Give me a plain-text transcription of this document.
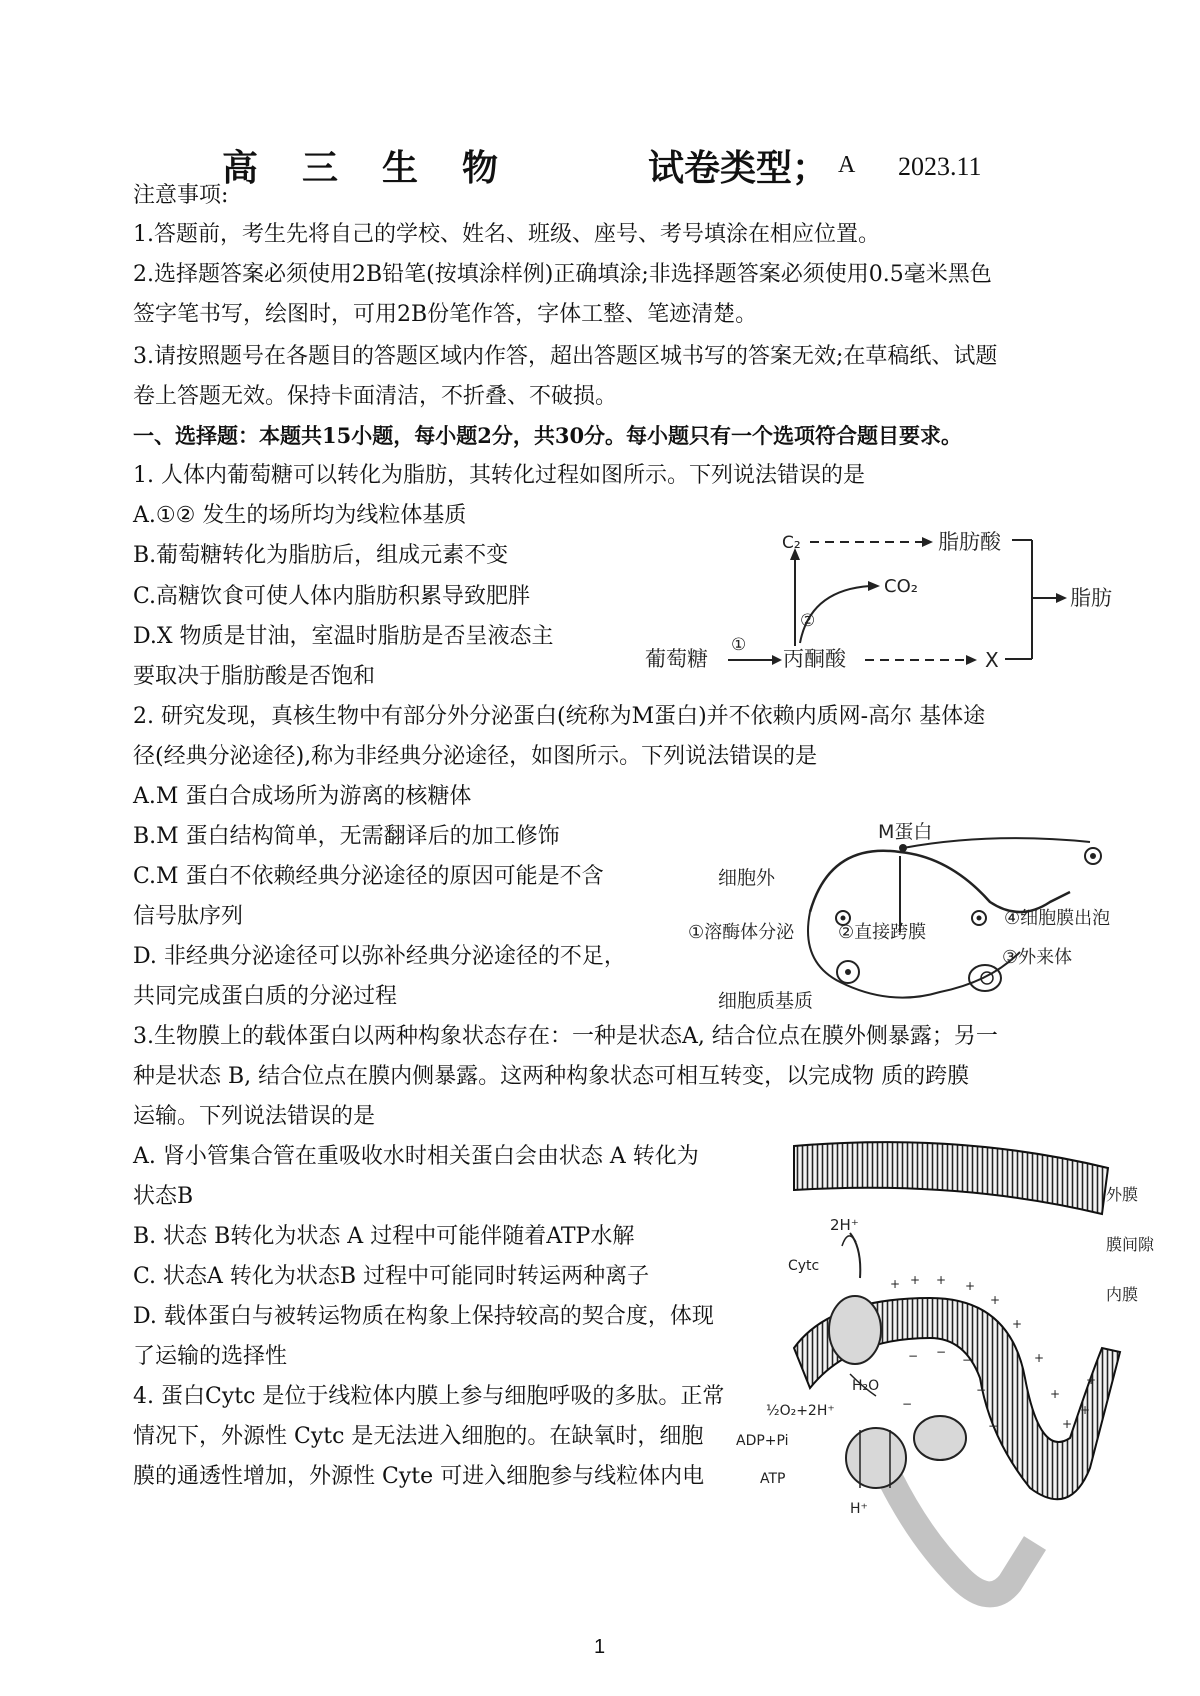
高 三 生 物	试卷类型； A 2023.11
注意事项:
1.答题前，考生先将自己的学校、姓名、班级、座号、考号填涂在相应位置。
2.选择题答案必须使用2B铅笔(按填涂样例)正确填涂;非选择题答案必须使用0.5毫米黑色
签字笔书写，绘图时，可用2B份笔作答，字体工整、笔迹清楚。
3.请按照题号在各题目的答题区域内作答，超出答题区城书写的答案无效;在草稿纸、试题
卷上答题无效。保持卡面清洁，不折叠、不破损。
一、选择题：本题共15小题，每小题2分，共30分。每小题只有一个选项符合题目要求。
1. 人体内葡萄糖可以转化为脂肪，其转化过程如图所示。下列说法错误的是
A.①② 发生的场所均为线粒体基质
B.葡萄糖转化为脂肪后，组成元素不变
C.高糖饮食可使人体内脂肪积累导致肥胖
D.X 物质是甘油，室温时脂肪是否呈液态主
要取决于脂肪酸是否饱和
葡萄糖
①
丙酮酸
C₂
②
CO₂
脂肪酸
X
脂肪
2. 研究发现，真核生物中有部分外分泌蛋白(统称为M蛋白)并不依赖内质网-高尔 基体途
径(经典分泌途径),称为非经典分泌途径，如图所示。下列说法错误的是
A.M 蛋白合成场所为游离的核糖体
B.M 蛋白结构简单，无需翻译后的加工修饰
C.M 蛋白不依赖经典分泌途径的原因可能是不含
信号肽序列
D. 非经典分泌途径可以弥补经典分泌途径的不足，
共同完成蛋白质的分泌过程
M蛋白
细胞外
①溶酶体分泌 ②直接跨膜
③外来体
④细胞膜出泡
细胞质基质
3.生物膜上的载体蛋白以两种构象状态存在：一种是状态A, 结合位点在膜外侧暴露；另一
种是状态 B, 结合位点在膜内侧暴露。这两种构象状态可相互转变，以完成物 质的跨膜
运输。下列说法错误的是
A. 肾小管集合管在重吸收水时相关蛋白会由状态 A 转化为
状态B
B. 状态 B转化为状态 A 过程中可能伴随着ATP水解
C. 状态A 转化为状态B 过程中可能同时转运两种离子
D. 载体蛋白与被转运物质在构象上保持较高的契合度，体现
了运输的选择性
4. 蛋白Cytc 是位于线粒体内膜上参与细胞呼吸的多肽。正常
情况下，外源性 Cytc 是无法进入细胞的。在缺氧时，细胞
膜的通透性增加，外源性 Cyte 可进入细胞参与线粒体内电
外膜
膜间隙
内膜
2H⁺
Cytc
H₂O
½O₂+2H⁺
ADP+Pi
ATP
H⁺
+ + + +
+
+
+
+
+
+
+
− −
−
−
−
−
1
